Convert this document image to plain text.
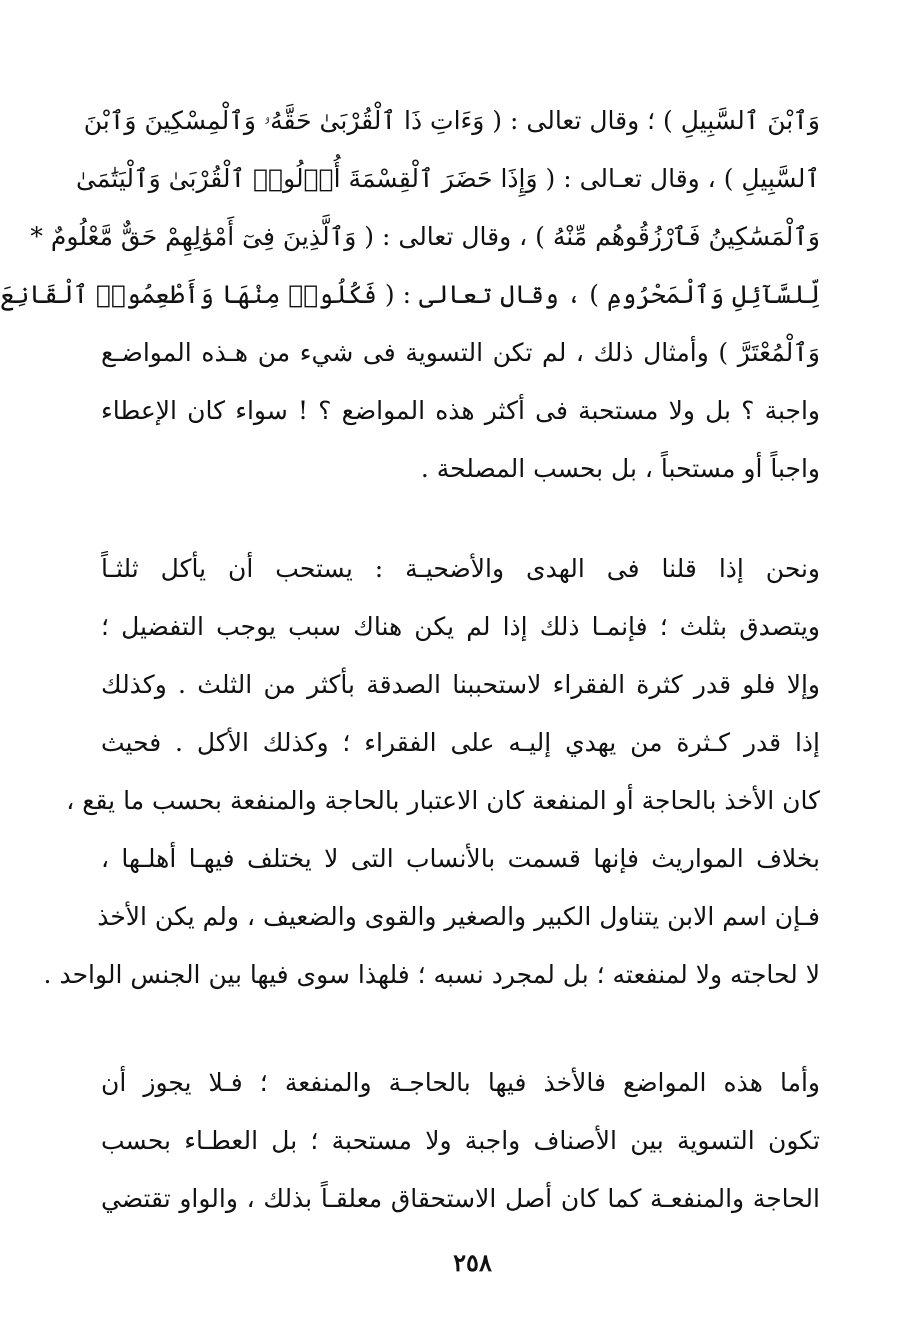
وَٱبْنَ ٱلسَّبِيلِ ) ؛ وقال تعالى : ( وَءَاتِ ذَا ٱلْقُرْبَىٰ حَقَّهُۥ وَٱلْمِسْكِينَ وَٱبْنَ
ٱلسَّبِيلِ ) ، وقال تعـالى : ( وَإِذَا حَضَرَ ٱلْقِسْمَةَ أُو۟لُوا۟ ٱلْقُرْبَىٰ وَٱلْيَتَٰمَىٰ
وَٱلْمَسَٰكِينُ فَٱرْزُقُوهُم مِّنْهُ ) ، وقال تعالى : ( وَٱلَّذِينَ فِىٓ أَمْوَٰلِهِمْ حَقٌّ مَّعْلُومٌ *
لِّلسَّآئِلِ وَٱلْمَحْرُومِ ) ، وقال تعالى : ( فَكُلُوا۟ مِنْهَا وَأَطْعِمُوا۟ ٱلْقَانِعَ
وَٱلْمُعْتَرَّ ) وأمثال ذلك ، لم تكن التسوية فى شيء من هـذه المواضـع
واجبة ؟ بل ولا مستحبة فى أكثر هذه المواضع ؟ ! سواء كان الإعطاء
واجباً أو مستحباً ، بل بحسب المصلحة .
ونحن إذا قلنا فى الهدى والأضحيـة : يستحب أن يأكل ثلثـاً
ويتصدق بثلث ؛ فإنمـا ذلك إذا لم يكن هناك سبب يوجب التفضيل ؛
وإلا فلو قدر كثرة الفقراء لاستحببنا الصدقة بأكثر من الثلث . وكذلك
إذا قدر كـثرة من يهدي إليـه على الفقراء ؛ وكذلك الأكل . فحيث
كان الأخذ بالحاجة أو المنفعة كان الاعتبار بالحاجة والمنفعة بحسب ما يقع ،
بخلاف المواريث فإنها قسمت بالأنساب التى لا يختلف فيهـا أهلـها ،
فـإن اسم الابن يتناول الكبير والصغير والقوى والضعيف ، ولم يكن الأخذ
لا لحاجته ولا لمنفعته ؛ بل لمجرد نسبه ؛ فلهذا سوى فيها بين الجنس الواحد .
وأما هذه المواضع فالأخذ فيها بالحاجـة والمنفعة ؛ فـلا يجوز أن
تكون التسوية بين الأصناف واجبة ولا مستحبة ؛ بل العطـاء بحسب
الحاجة والمنفعـة كما كان أصل الاستحقاق معلقـاً بذلك ، والواو تقتضي
٢٥٨
